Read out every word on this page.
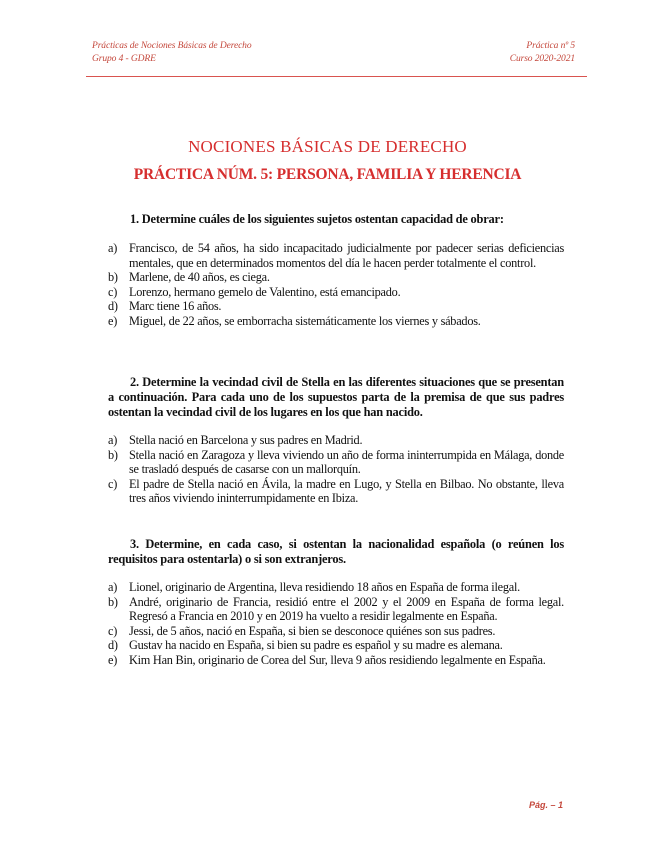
Prácticas de Nociones Básicas de Derecho	Práctica nº 5
Grupo 4 - GDRE	Curso 2020-2021
NOCIONES BÁSICAS DE DERECHO
PRÁCTICA NÚM. 5: PERSONA, FAMILIA Y HERENCIA
1. Determine cuáles de los siguientes sujetos ostentan capacidad de obrar:
a) Francisco, de 54 años, ha sido incapacitado judicialmente por padecer serias deficiencias mentales, que en determinados momentos del día le hacen perder totalmente el control.
b) Marlene, de 40 años, es ciega.
c) Lorenzo, hermano gemelo de Valentino, está emancipado.
d) Marc tiene 16 años.
e) Miguel, de 22 años, se emborracha sistemáticamente los viernes y sábados.
2. Determine la vecindad civil de Stella en las diferentes situaciones que se presentan a continuación. Para cada uno de los supuestos parta de la premisa de que sus padres ostentan la vecindad civil de los lugares en los que han nacido.
a) Stella nació en Barcelona y sus padres en Madrid.
b) Stella nació en Zaragoza y lleva viviendo un año de forma ininterrumpida en Málaga, donde se trasladó después de casarse con un mallorquín.
c) El padre de Stella nació en Ávila, la madre en Lugo, y Stella en Bilbao. No obstante, lleva tres años viviendo ininterrumpidamente en Ibiza.
3. Determine, en cada caso, si ostentan la nacionalidad española (o reúnen los requisitos para ostentarla) o si son extranjeros.
a) Lionel, originario de Argentina, lleva residiendo 18 años en España de forma ilegal.
b) André, originario de Francia, residió entre el 2002 y el 2009 en España de forma legal. Regresó a Francia en 2010 y en 2019 ha vuelto a residir legalmente en España.
c) Jessi, de 5 años, nació en España, si bien se desconoce quiénes son sus padres.
d) Gustav ha nacido en España, si bien su padre es español y su madre es alemana.
e) Kim Han Bin, originario de Corea del Sur, lleva 9 años residiendo legalmente en España.
Pág. – 1
